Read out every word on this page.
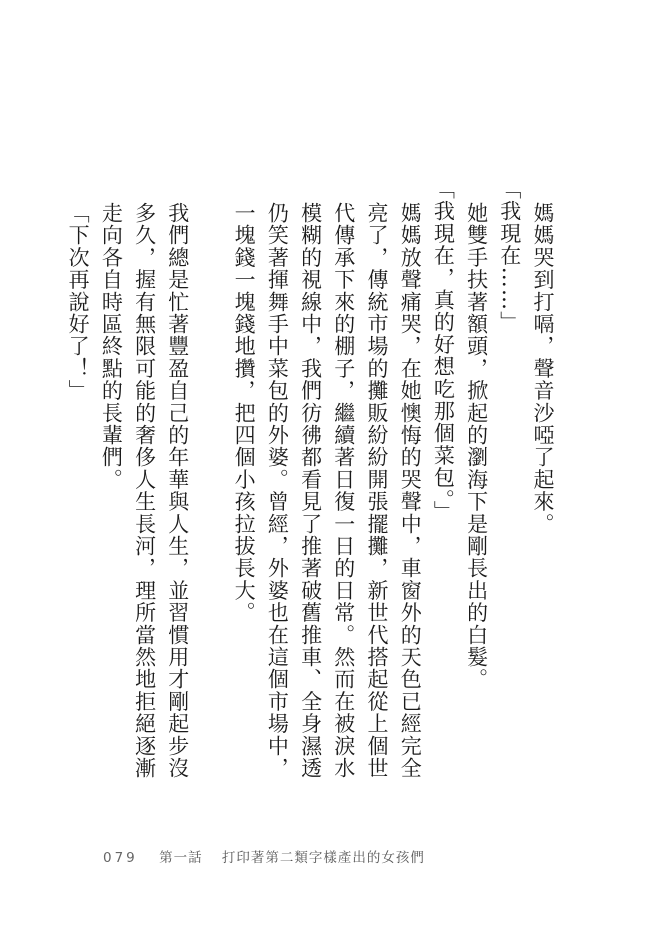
媽媽哭到打嗝，聲音沙啞了起來。

「我現在……」

她雙手扶著額頭，掀起的瀏海下是剛長出的白髮。

「我現在，真的好想吃那個菜包。」

媽媽放聲痛哭，在她懊悔的哭聲中，車窗外的天色已經完全亮了，傳統市場的攤販紛紛開張擺攤，新世代搭起從上個世代傳承下來的棚子，繼續著日復一日的日常。然而在被淚水模糊的視線中，我們彷彿都看見了推著破舊推車、全身濕透仍笑著揮舞手中菜包的外婆。曾經，外婆也在這個市場中，一塊錢一塊錢地攢，把四個小孩拉拔長大。

我們總是忙著豐盈自己的年華與人生，並習慣用才剛起步沒多久，握有無限可能的奢侈人生長河，理所當然地拒絕逐漸走向各自時區終點的長輩們。

「下次再說好了！」

079 第一話 打印著第二類字樣產出的女孩們
